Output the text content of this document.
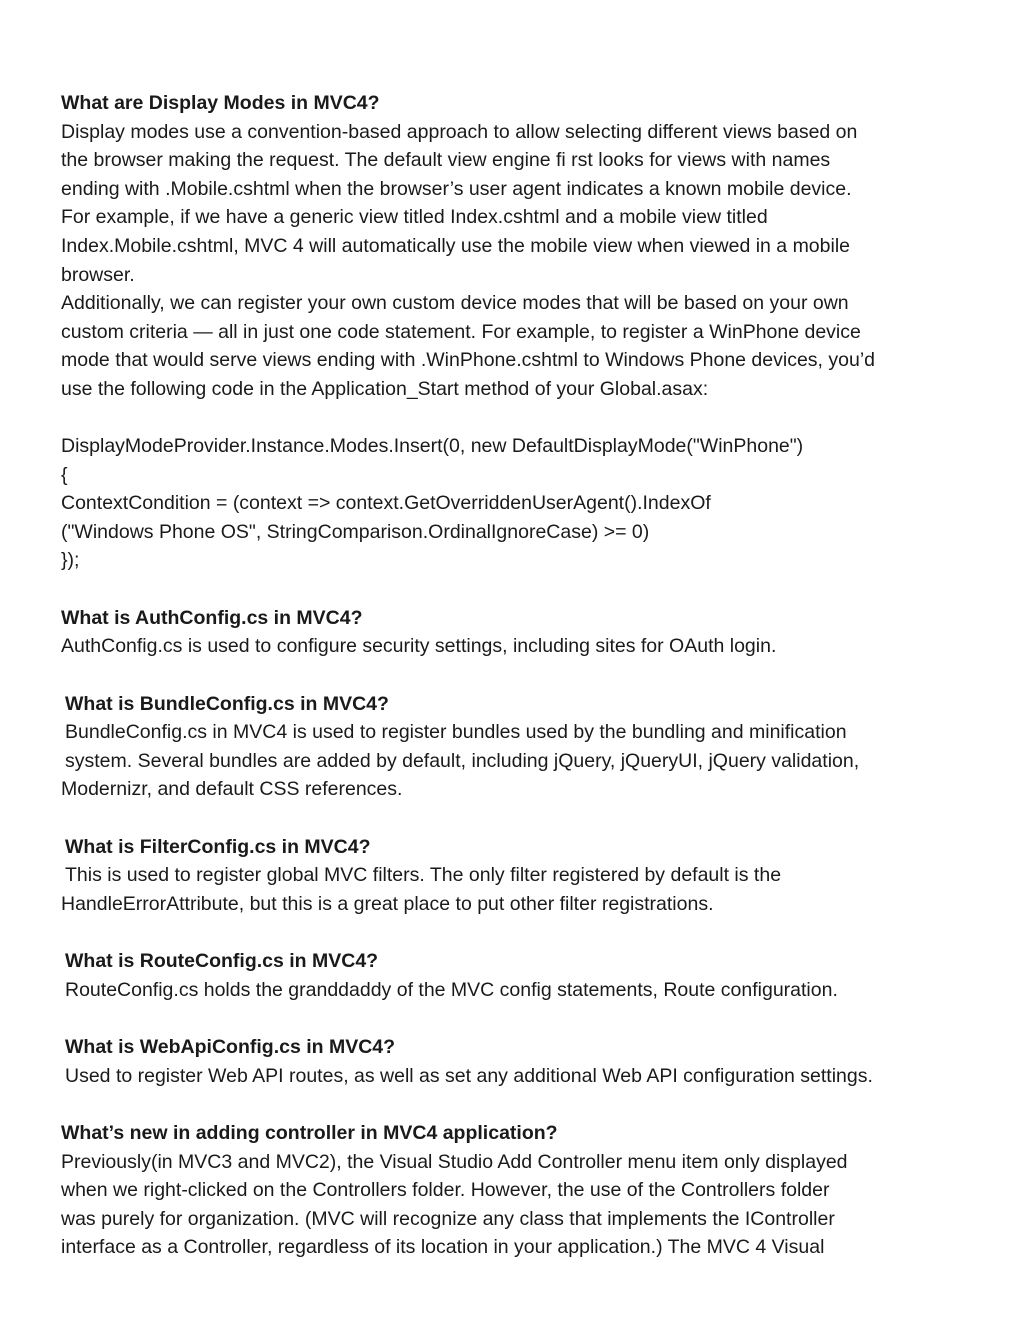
What are Display Modes in MVC4?
Display modes use a convention-based approach to allow selecting different views based on
the browser making the request. The default view engine fi rst looks for views with names
ending with .Mobile.cshtml when the browser’s user agent indicates a known mobile device.
For example, if we have a generic view titled Index.cshtml and a mobile view titled
Index.Mobile.cshtml, MVC 4 will automatically use the mobile view when viewed in a mobile
browser.
Additionally, we can register your own custom device modes that will be based on your own
custom criteria — all in just one code statement. For example, to register a WinPhone device
mode that would serve views ending with .WinPhone.cshtml to Windows Phone devices, you’d
use the following code in the Application_Start method of your Global.asax:
DisplayModeProvider.Instance.Modes.Insert(0, new DefaultDisplayMode("WinPhone")
{
ContextCondition = (context => context.GetOverriddenUserAgent().IndexOf
("Windows Phone OS", StringComparison.OrdinalIgnoreCase) >= 0)
});
What is AuthConfig.cs in MVC4?
AuthConfig.cs is used to configure security settings, including sites for OAuth login.
What is BundleConfig.cs in MVC4?
BundleConfig.cs in MVC4 is used to register bundles used by the bundling and minification
system. Several bundles are added by default, including jQuery, jQueryUI, jQuery validation,
Modernizr, and default CSS references.
What is FilterConfig.cs in MVC4?
This is used to register global MVC filters. The only filter registered by default is the
HandleErrorAttribute, but this is a great place to put other filter registrations.
What is RouteConfig.cs in MVC4?
RouteConfig.cs holds the granddaddy of the MVC config statements, Route configuration.
What is WebApiConfig.cs in MVC4?
Used to register Web API routes, as well as set any additional Web API configuration settings.
What’s new in adding controller in MVC4 application?
Previously(in MVC3 and MVC2), the Visual Studio Add Controller menu item only displayed
when we right-clicked on the Controllers folder. However, the use of the Controllers folder
was purely for organization. (MVC will recognize any class that implements the IController
interface as a Controller, regardless of its location in your application.) The MVC 4 Visual
